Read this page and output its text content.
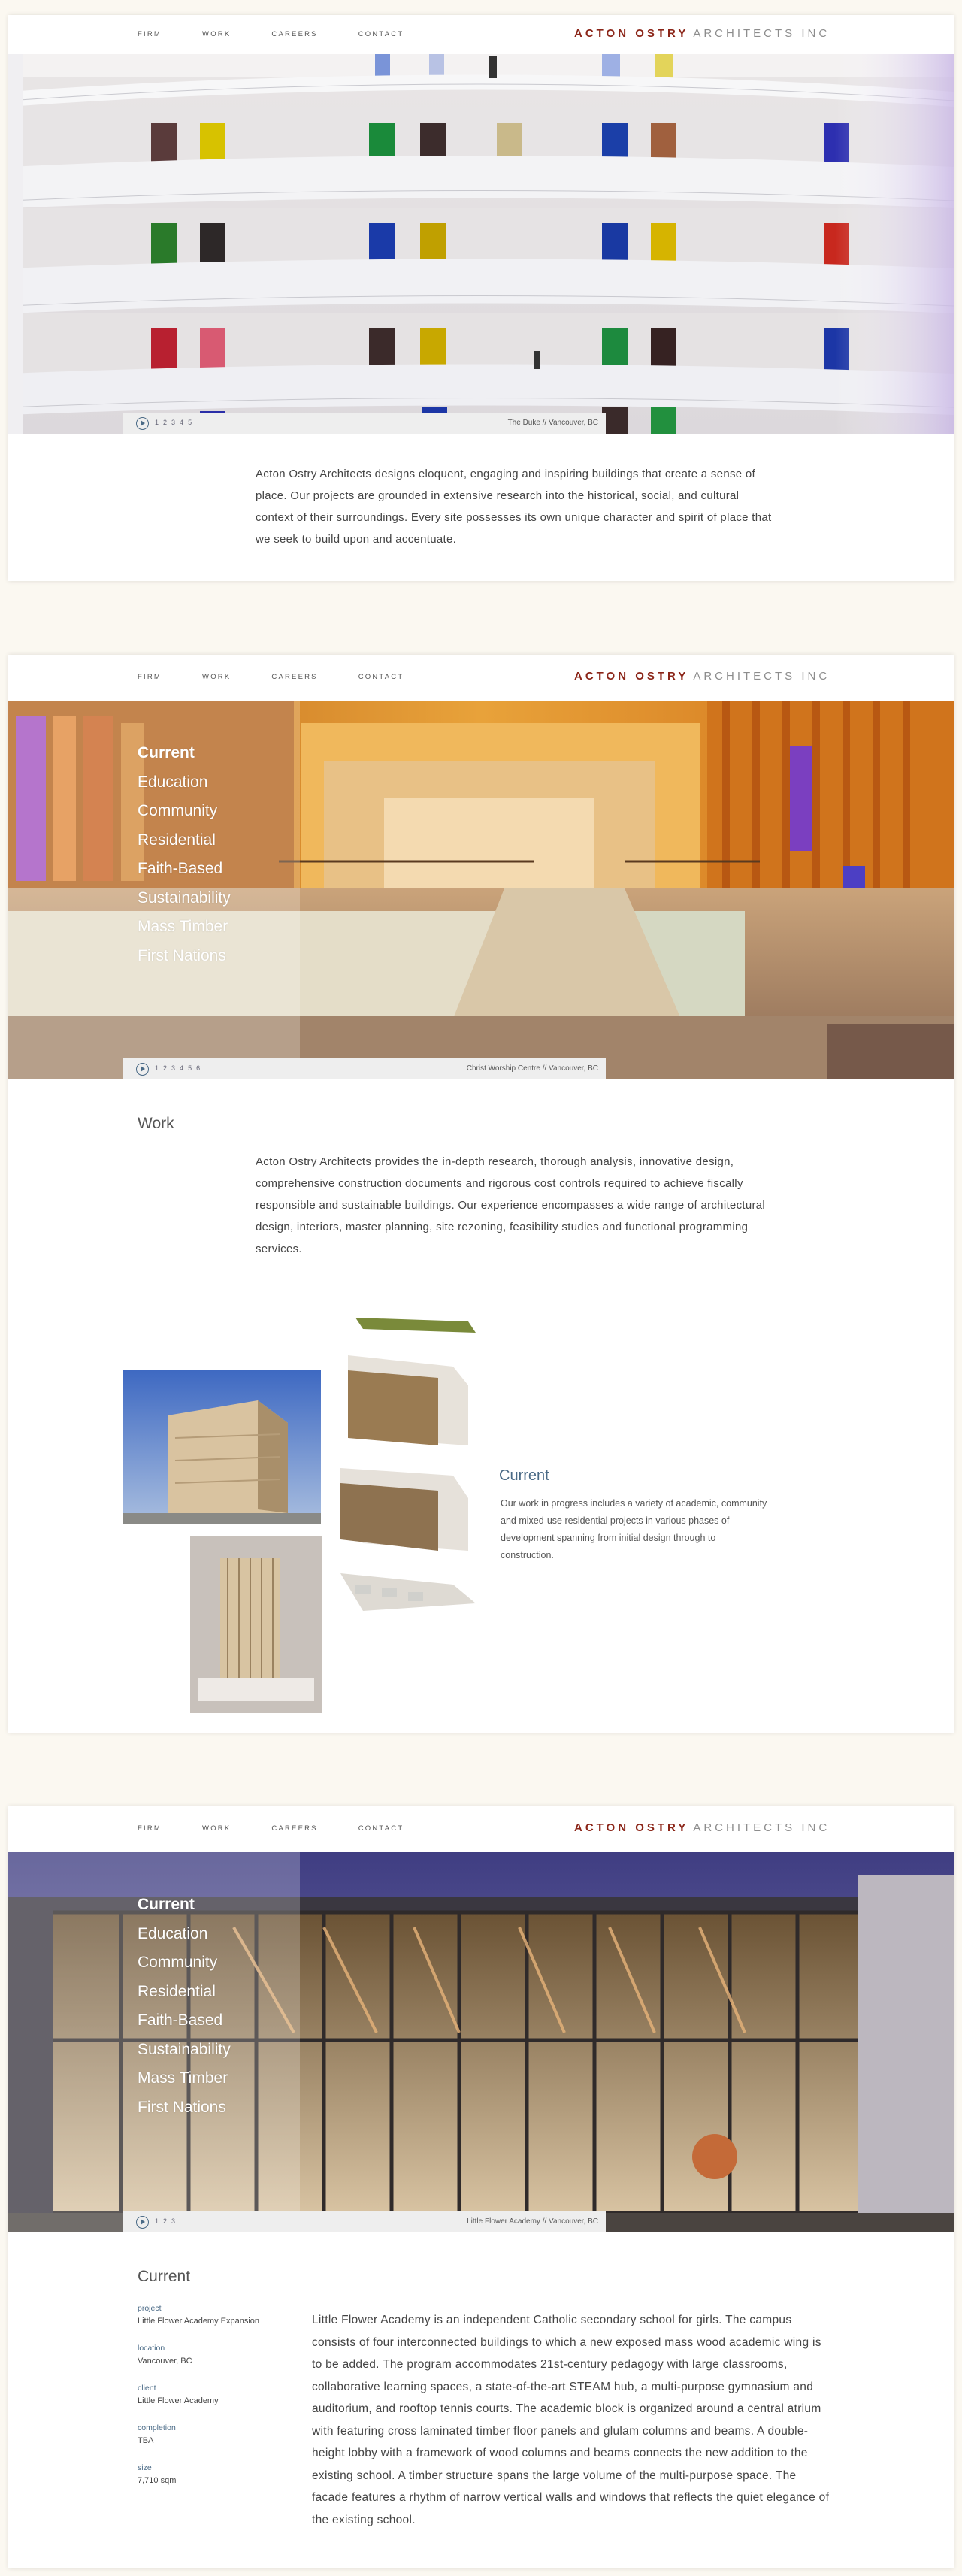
FIRM	WORK	CAREERS	CONTACT	ACTON OSTRY ARCHITECTS INC
1 2 3 4 5	The Duke // Vancouver, BC

Acton Ostry Architects designs eloquent, engaging and inspiring buildings that create a sense of place. Our projects are grounded in extensive research into the historical, social, and cultural context of their surroundings. Every site possesses its own unique character and spirit of place that we seek to build upon and accentuate.

FIRM	WORK	CAREERS	CONTACT	ACTON OSTRY ARCHITECTS INC
Current
Education
Community
Residential
Faith-Based
Sustainability
Mass Timber
First Nations
1 2 3 4 5 6	Christ Worship Centre // Vancouver, BC
Work

Acton Ostry Architects provides the in-depth research, thorough analysis, innovative design, comprehensive construction documents and rigorous cost controls required to achieve fiscally responsible and sustainable buildings. Our experience encompasses a wide range of architectural design, interiors, master planning, site rezoning, feasibility studies and functional programming services.

Current

Our work in progress includes a variety of academic, community and mixed-use residential projects in various phases of development spanning from initial design through to construction.

FIRM	WORK	CAREERS	CONTACT	ACTON OSTRY ARCHITECTS INC
Current
Education
Community
Residential
Faith-Based
Sustainability
Mass Timber
First Nations
1 2 3	Little Flower Academy // Vancouver, BC
Current
project
Little Flower Academy Expansion
location
Vancouver, BC
client
Little Flower Academy
completion
TBA
size
7,710 sqm

Little Flower Academy is an independent Catholic secondary school for girls. The campus consists of four interconnected buildings to which a new exposed mass wood academic wing is to be added. The program accommodates 21st-century pedagogy with large classrooms, collaborative learning spaces, a state-of-the-art STEAM hub, a multi-purpose gymnasium and auditorium, and rooftop tennis courts. The academic block is organized around a central atrium with featuring cross laminated timber floor panels and glulam columns and beams. A double-height lobby with a framework of wood columns and beams connects the new addition to the existing school. A timber structure spans the large volume of the multi-purpose space. The facade features a rhythm of narrow vertical walls and windows that reflects the quiet elegance of the existing school.
